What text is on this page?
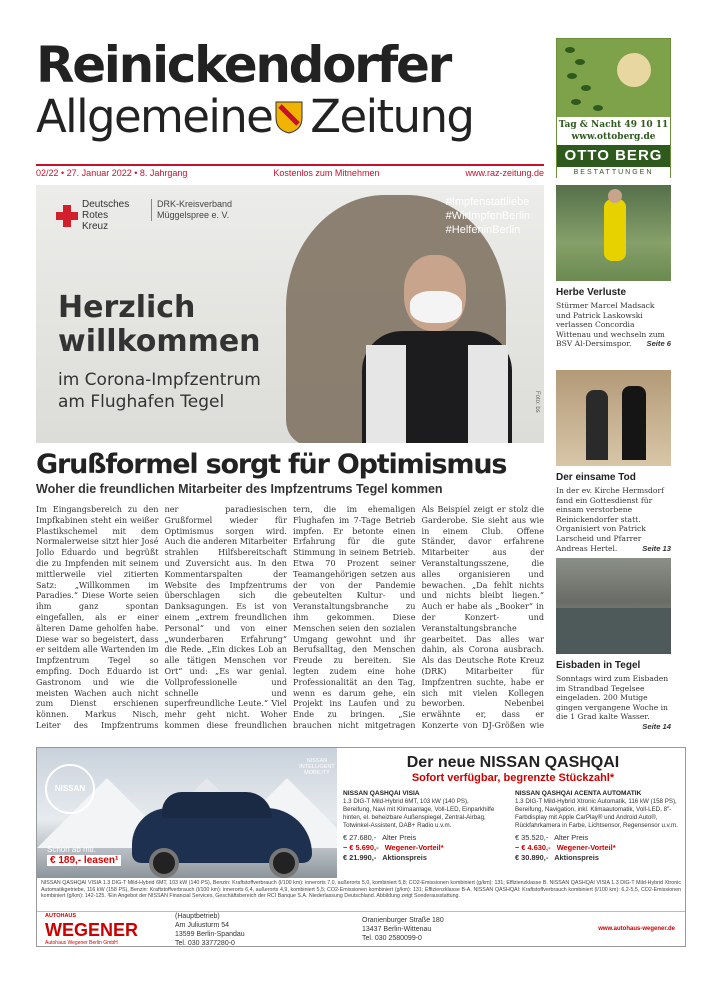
Reinickendorfer
Allgemeine Zeitung
02/22 • 27. Januar 2022 • 8. Jahrgang	Kostenlos zum Mitnehmen	www.raz-zeitung.de
Tag & Nacht 49 10 11
www.ottoberg.de
OTTO BERG
BESTATTUNGEN
Deutsches
Rotes
Kreuz
DRK-Kreisverband
Müggelspree e. V.
#Impfenstattliebe
#WirImpfenBerlin
#HelfeninBerlin
Herzlich
willkommen
im Corona-Impfzentrum
am Flughafen Tegel	Foto: bs
Grußformel sorgt für Optimismus
Woher die freundlichen Mitarbeiter des Impfzentrums Tegel kommen
Im Eingangsbereich zu den Impfkabinen steht ein weißer Plastikschemel mit dem Normalerweise sitzt hier José Jollo Eduardo und begrüßt die zu Impfenden mit seinem mittlerweile viel zitierten Satz: „Willkommen im Paradies.“ Diese Worte seien ihm ganz spontan eingefallen, als er einer älteren Dame geholfen habe. Diese war so begeistert, dass er seitdem alle Wartenden im Impfzentrum Tegel so empfing. Doch Eduardo ist Gastronom und wie die meisten Wachen auch nicht zum Dienst erschienen können. Markus Nisch, Leiter des Impfzentrums
ner paradiesischen Grußformel wieder für Optimismus sorgen wird. Auch die anderen Mitarbeiter strahlen Hilfsbereitschaft und Zuversicht aus. In den Kommentarspalten der Website des Impfzentrums überschlagen sich die Danksagungen. Es ist von einem „extrem freundlichen Personal“ und von einer „wunderbaren Erfahrung“ die Rede. „Ein dickes Lob an alle tätigen Menschen vor Ort“ und: „Es war genial. Vollprofessionelle und schnelle und superfreundliche Leute.“ Viel mehr geht nicht. Woher kommen diese freundlichen
tern, die im ehemaligen Flughafen im 7-Tage Betrieb impfen. Er betonte einen Erfahrung für die gute Stimmung in seinem Betrieb. Etwa 70 Prozent seiner Teamangehörigen setzen aus der von der Pandemie gebeutelten Kultur- und Veranstaltungsbranche zu ihm gekommen. Diese Menschen seien den sozialen Umgang gewohnt und ihr Berufsalltag, den Menschen Freude zu bereiten. Sie legten zudem eine hohe Professionalität an den Tag, wenn es darum gehe, ein Projekt ins Laufen und zu Ende zu bringen. „Sie brauchen nicht mitgetragen
Als Beispiel zeigt er stolz die Garderobe. Sie sieht aus wie in einem Club. Offene Ständer, davor erfahrene Mitarbeiter aus der Veranstaltungsszene, die alles organisieren und bewachen. „Da fehlt nichts und nichts bleibt liegen.“ Auch er habe als „Booker“ in der Konzert- und Veranstaltungsbranche gearbeitet. Das alles war dahin, als Corona ausbrach. Als das Deutsche Rote Kreuz (DRK) Mitarbeiter für Impfzentren suchte, habe er sich mit vielen Kollegen beworben. Nebenbei erwähnte er, dass er Konzerte von DJ-Größen wie
Herbe Verluste
Stürmer Marcel Madsack und Patrick Laskowski verlassen Concordia Wittenau und wechseln zum BSV Al-Dersimspor. Seite 6
Der einsame Tod
In der ev. Kirche Hermsdorf fand ein Gottesdienst für einsam verstorbene Reinickendorfer statt. Organisiert von Patrick Larscheid und Pfarrer Andreas Hertel.	Seite 13
Eisbaden in Tegel
Sonntags wird zum Eisbaden im Strandbad Tegelsee eingeladen. 200 Mutige gingen vergangene Woche in die 1 Grad kalte Wasser.
Seite 14
NISSAN
NISSAN INTELLIGENT MOBILITY
Schon ab mtl.
€ 189,- leasen¹
Der neue NISSAN QASHQAI
Sofort verfügbar, begrenzte Stückzahl*
NISSAN QASHQAI VISIA
1.3 DIG-T Mild-Hybrid 6MT, 103 kW (140 PS),
Bereifung, Navi mit Klimaanlage, Voll-LED, Einparkhilfe hinten, el. beheizbare Außenspiegel, Zentral-Airbag, Totwinkel-Assistent, DAB+ Radio u.v.m.
€ 27.680,- Alter Preis
− € 5.690,- Wegener-Vorteil*
€ 21.990,- Aktionspreis
NISSAN QASHQAI ACENTA AUTOMATIK
1.3 DIG-T Mild-Hybrid Xtronic Automatik, 116 kW (158 PS), Bereifung, Navigation, inkl. Klimaautomatik, Voll-LED, 8"-Farbdisplay mit Apple CarPlay® und Android Auto®, Rückfahrkamera in Farbe, Lichtsensor, Regensensor u.v.m.
€ 35.520,- Alter Preis
− € 4.630,- Wegener-Vorteil*
€ 30.890,- Aktionspreis
NISSAN QASHQAI VISIA 1.3 DIG-T Mild-Hybrid 6MT, 103 kW (140 PS), Benzin: Kraftstoffverbrauch (l/100 km): innerorts 7,0, außerorts 5,0, kombiniert 5,8; CO2-Emissionen kombiniert (g/km): 131; Effizienzklasse B. NISSAN QASHQAI VISIA 1.3 DIG-T Mild-Hybrid Xtronic Automatikgetriebe, 116 kW (158 PS), Benzin: Kraftstoffverbrauch (l/100 km): innerorts 6,4, außerorts 4,9, kombiniert 5,5; CO2-Emissionen kombiniert (g/km): 131; Effizienzklasse B-A. NISSAN QASHQAI: Kraftstoffverbrauch kombiniert (l/100 km): 6,2-5,5, CO2-Emissionen kombiniert (g/km): 142-125. ¹Ein Angebot der NISSAN Financial Services, Geschäftsbereich der RCI Banque S.A. Niederlassung Deutschland. Abbildung zeigt Sonderausstattung.
AUTOHAUS
WEGENER
Autohaus Wegener Berlin GmbH
(Hauptbetrieb)
Am Juliusturm 54
13599 Berlin-Spandau
Tel. 030 3377280-0
Oranienburger Straße 180
13437 Berlin-Wittenau
Tel. 030 2580099-0
www.autohaus-wegener.de
